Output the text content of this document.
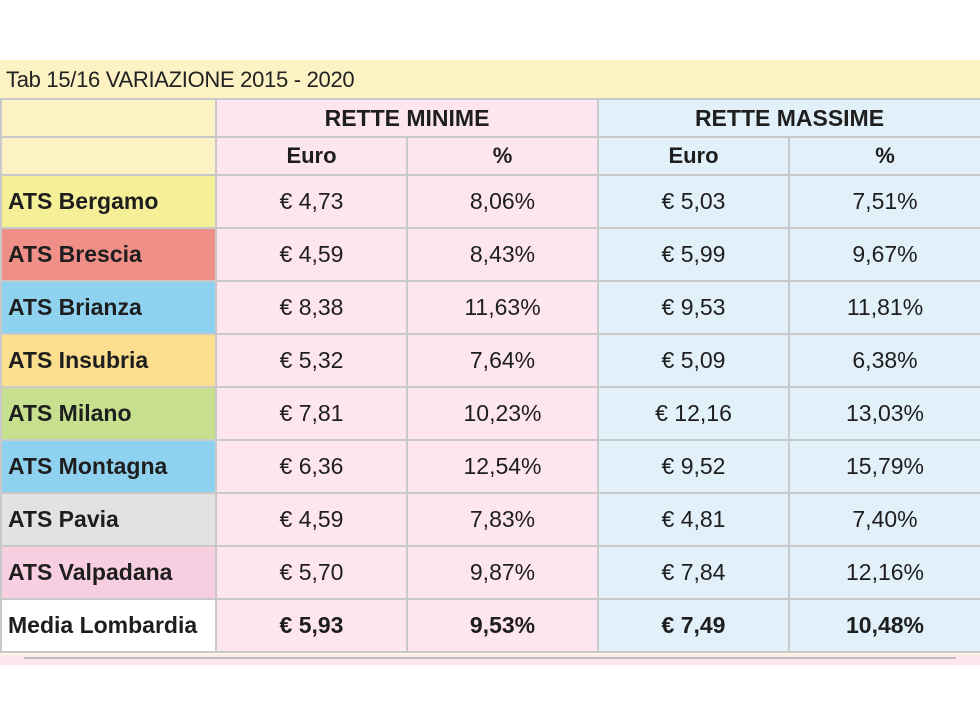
Tab 15/16 VARIAZIONE 2015 - 2020
	RETTE MINIME		RETTE MASSIME	
	Euro	%	Euro	%
ATS Bergamo	€ 4,73	8,06%	€ 5,03	7,51%
ATS Brescia	€ 4,59	8,43%	€ 5,99	9,67%
ATS Brianza	€ 8,38	11,63%	€ 9,53	11,81%
ATS Insubria	€ 5,32	7,64%	€ 5,09	6,38%
ATS Milano	€ 7,81	10,23%	€ 12,16	13,03%
ATS Montagna	€ 6,36	12,54%	€ 9,52	15,79%
ATS Pavia	€ 4,59	7,83%	€ 4,81	7,40%
ATS Valpadana	€ 5,70	9,87%	€ 7,84	12,16%
Media Lombardia	€ 5,93	9,53%	€ 7,49	10,48%
